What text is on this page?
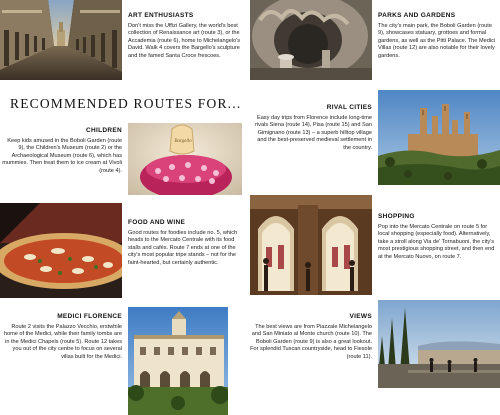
Bargello
RECOMMENDED ROUTES FOR...
ART ENTHUSIASTS
Don't miss the Uffizi Gallery, the world's best collection of Renaissance art (route 3), or the Accademia (route 6), home to Michelangelo's David. Walk 4 covers the Bargello's sculpture and the famed Santa Croce frescoes.
PARKS AND GARDENS
The city's main park, the Boboli Garden (route 9), showcases statuary, grottoes and formal gardens, as well as the Pitti Palace. The Medici Villas (route 12) are also notable for their lovely gardens.
CHILDREN
Keep kids amused in the Boboli Garden (route 9), the Children's Museum (route 2) or the Archaeological Museum (route 6), which has mummies. Then treat them to ice cream at Vivoli (route 4).
RIVAL CITIES
Easy day trips from Florence include long-time rivals Siena (route 14), Pisa (route 15) and San Gimignano (route 13) – a superb hilltop village and the best-preserved medieval settlement in the country.
FOOD AND WINE
Good routes for foodies include no. 5, which heads to the Mercato Centrale with its food stalls and cafés. Route 7 ends at one of the city's most popular tripe stands – not for the faint-hearted, but certainly authentic.
SHOPPING
Pop into the Mercato Centrale on route 5 for local shopping (especially food). Alternatively, take a stroll along Via de' Tornabuoni, the city's most prestigious shopping street, and then end at the Mercato Nuovo, on route 7.
MEDICI FLORENCE
Route 2 visits the Palazzo Vecchio, erstwhile home of the Medici, while their family tombs are in the Medici Chapels (route 5). Route 12 takes you out of the city centre to focus on several villas built for the Medici.
VIEWS
The best views are from Piazzale Michelangelo and San Miniato al Monte church (route 10). The Boboli Garden (route 9) is also a great lookout. For splendid Tuscan countryside, head to Fiesole (route 11).
